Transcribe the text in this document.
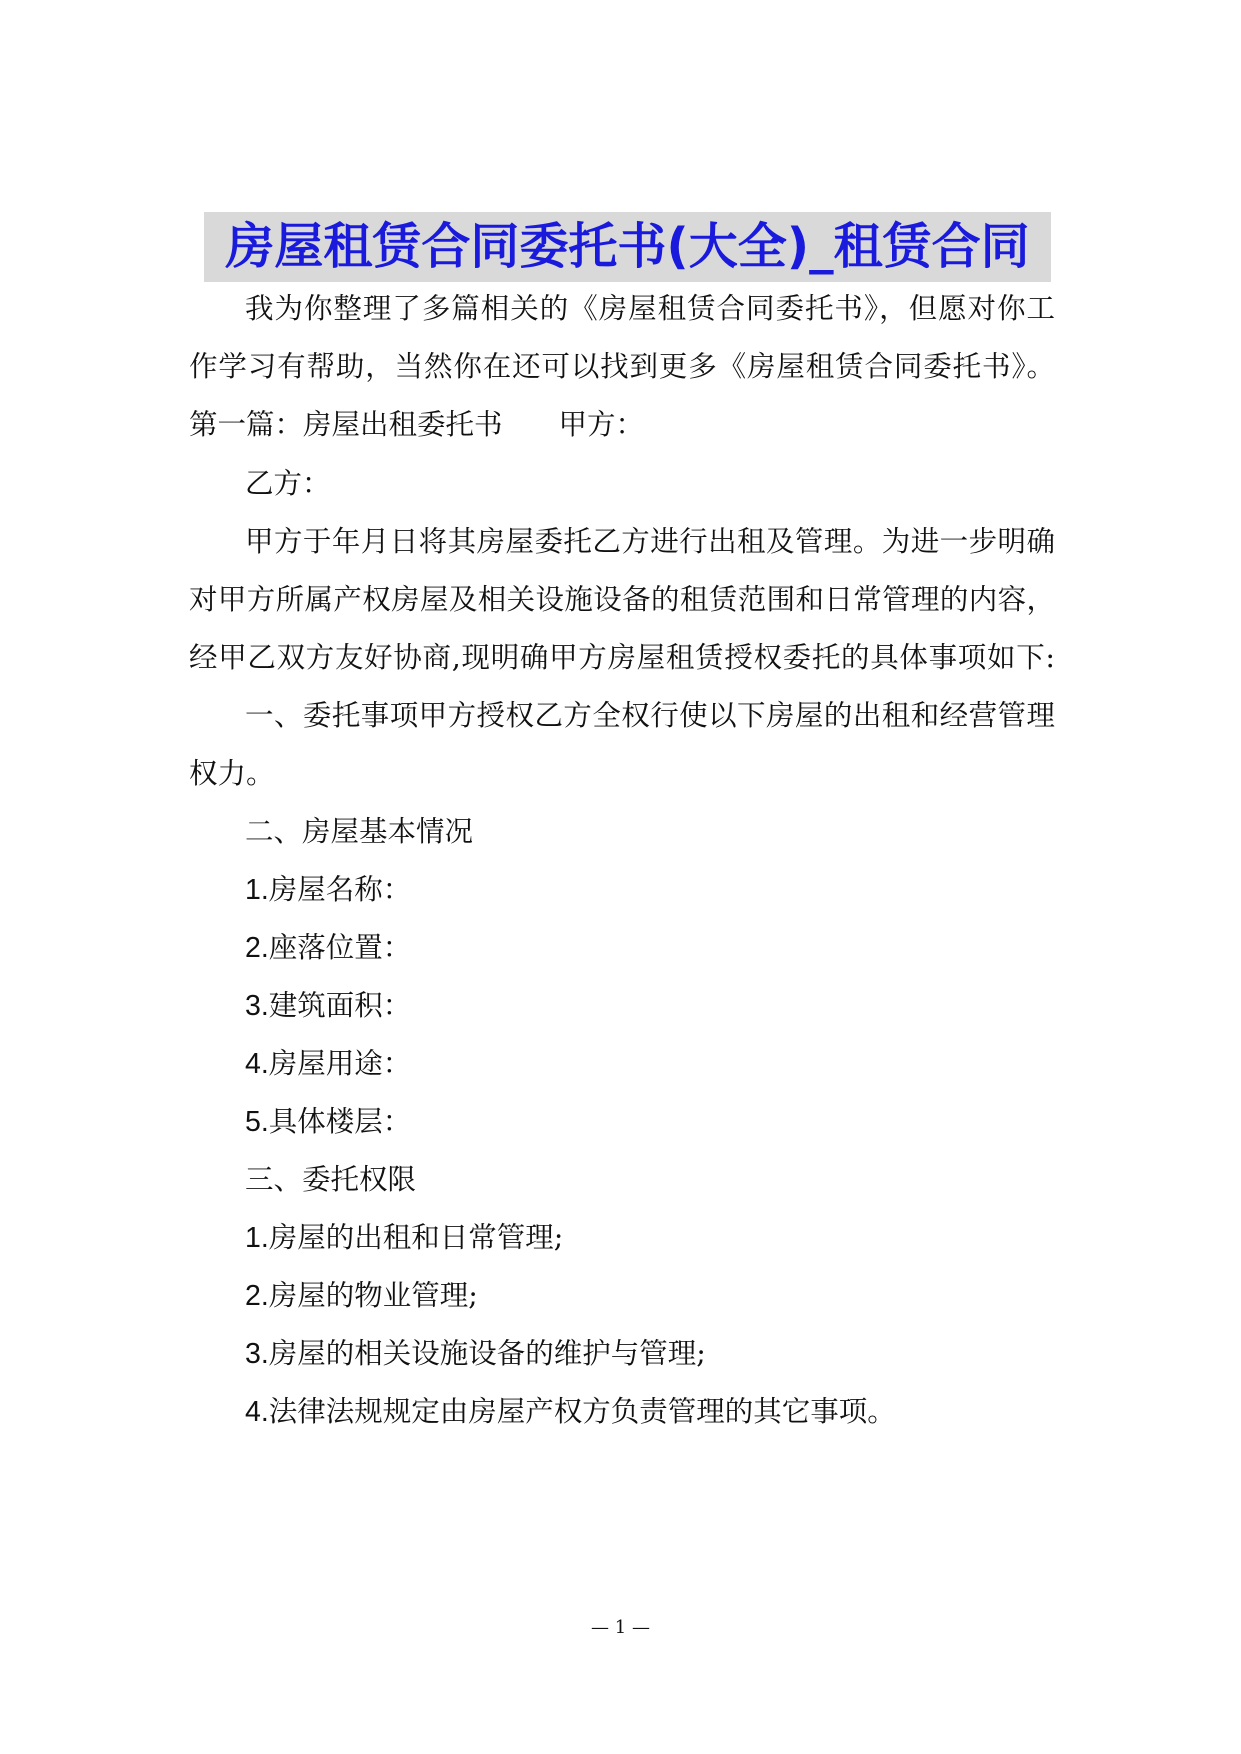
房屋租赁合同委托书(大全)_租赁合同
我为你整理了多篇相关的《房屋租赁合同委托书》，但愿对你工
作学习有帮助，当然你在还可以找到更多《房屋租赁合同委托书》。
第一篇：房屋出租委托书 甲方：
乙方：
甲方于年月日将其房屋委托乙方进行出租及管理。为进一步明确
对甲方所属产权房屋及相关设施设备的租赁范围和日常管理的内容，
经甲乙双方友好协商,现明确甲方房屋租赁授权委托的具体事项如下:
一、委托事项甲方授权乙方全权行使以下房屋的出租和经营管理
权力。
二、房屋基本情况
1.房屋名称：
2.座落位置：
3.建筑面积：
4.房屋用途：
5.具体楼层：
三、委托权限
1.房屋的出租和日常管理;
2.房屋的物业管理;
3.房屋的相关设施设备的维护与管理;
4.法律法规规定由房屋产权方负责管理的其它事项。
— 1 —
